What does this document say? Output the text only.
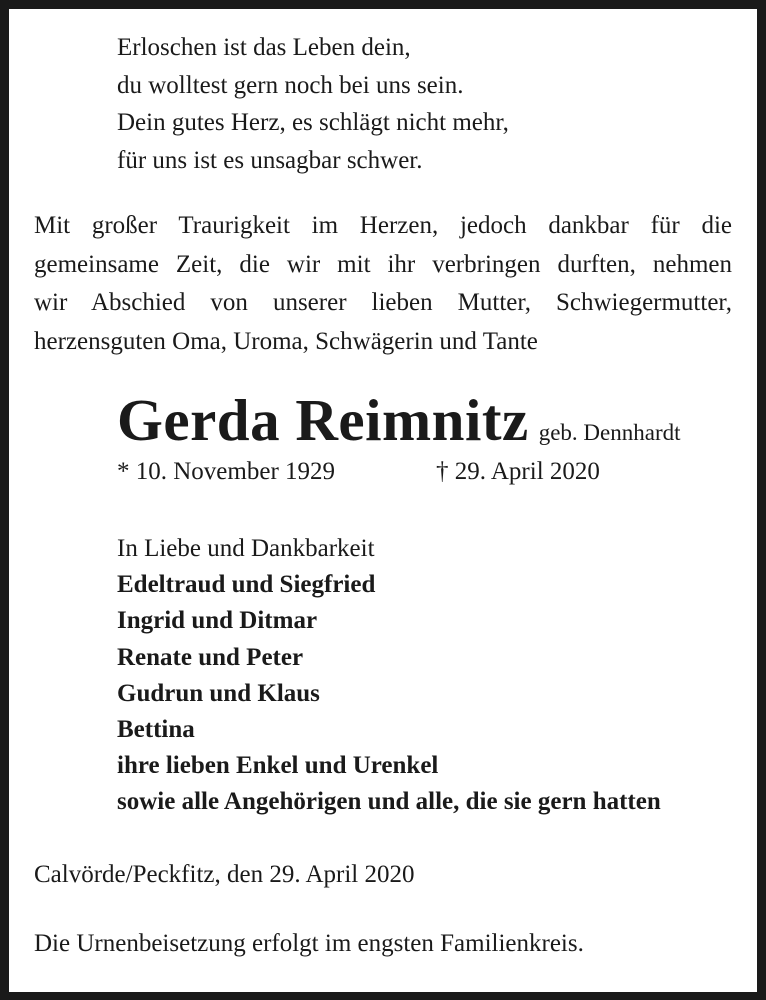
Erloschen ist das Leben dein,
du wolltest gern noch bei uns sein.
Dein gutes Herz, es schlägt nicht mehr,
für uns ist es unsagbar schwer.
Mit großer Traurigkeit im Herzen, jedoch dankbar für die
gemeinsame Zeit, die wir mit ihr verbringen durften, nehmen
wir Abschied von unserer lieben Mutter, Schwiegermutter,
herzensguten Oma, Uroma, Schwägerin und Tante
Gerda Reimnitz geb. Dennhardt
* 10. November 1929	† 29. April 2020
In Liebe und Dankbarkeit
Edeltraud und Siegfried
Ingrid und Ditmar
Renate und Peter
Gudrun und Klaus
Bettina
ihre lieben Enkel und Urenkel
sowie alle Angehörigen und alle, die sie gern hatten
Calvörde/Peckfitz, den 29. April 2020
Die Urnenbeisetzung erfolgt im engsten Familienkreis.
